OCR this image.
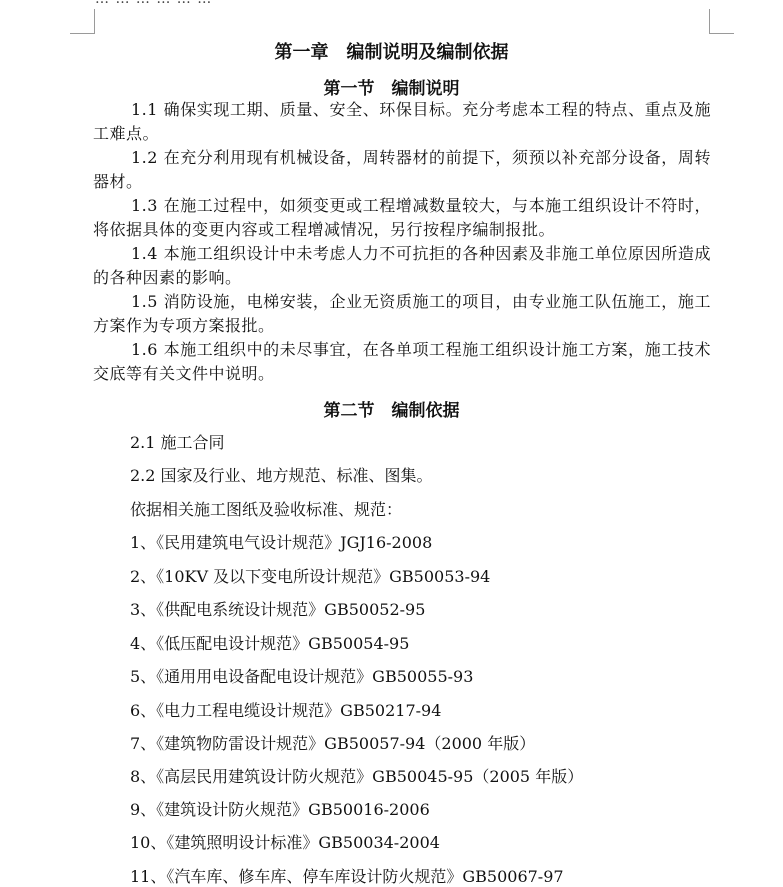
第一章　编制说明及编制依据
第一节　编制说明
1.1 确保实现工期、质量、安全、环保目标。充分考虑本工程的特点、重点及施工难点。
1.2 在充分利用现有机械设备，周转器材的前提下，须预以补充部分设备，周转器材。
1.3 在施工过程中，如须变更或工程增减数量较大，与本施工组织设计不符时，将依据具体的变更内容或工程增减情况，另行按程序编制报批。
1.4 本施工组织设计中未考虑人力不可抗拒的各种因素及非施工单位原因所造成的各种因素的影响。
1.5 消防设施，电梯安装，企业无资质施工的项目，由专业施工队伍施工，施工方案作为专项方案报批。
1.6 本施工组织中的未尽事宜，在各单项工程施工组织设计施工方案，施工技术交底等有关文件中说明。
第二节　编制依据
2.1 施工合同
2.2 国家及行业、地方规范、标准、图集。
依据相关施工图纸及验收标准、规范：
1、《民用建筑电气设计规范》JGJ16-2008
2、《10KV 及以下变电所设计规范》GB50053-94
3、《供配电系统设计规范》GB50052-95
4、《低压配电设计规范》GB50054-95
5、《通用用电设备配电设计规范》GB50055-93
6、《电力工程电缆设计规范》GB50217-94
7、《建筑物防雷设计规范》GB50057-94（2000 年版）
8、《高层民用建筑设计防火规范》GB50045-95（2005 年版）
9、《建筑设计防火规范》GB50016-2006
10、《建筑照明设计标准》GB50034-2004
11、《汽车库、修车库、停车库设计防火规范》GB50067-97
